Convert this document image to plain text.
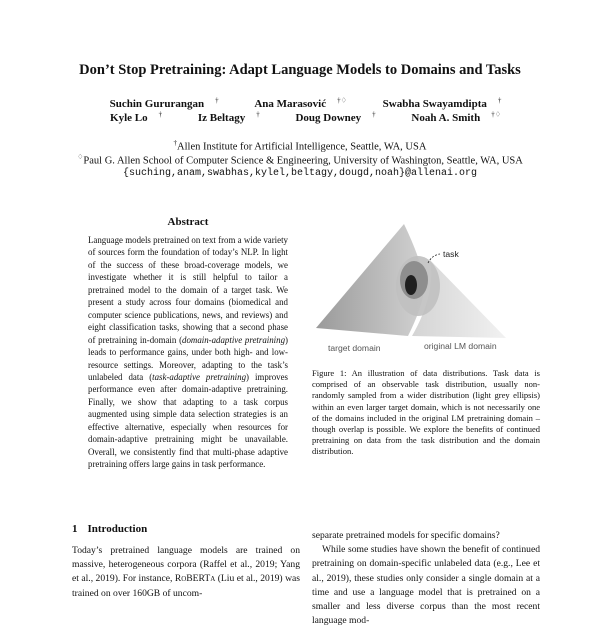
Don’t Stop Pretraining: Adapt Language Models to Domains and Tasks
Suchin Gururangan †	Ana Marasović †♢	Swabha Swayamdipta †
Kyle Lo †	Iz Beltagy †	Doug Downey †	Noah A. Smith †♢
†Allen Institute for Artificial Intelligence, Seattle, WA, USA
♢Paul G. Allen School of Computer Science & Engineering, University of Washington, Seattle, WA, USA
{suching,anam,swabhas,kylel,beltagy,dougd,noah}@allenai.org
Abstract

Language models pretrained on text from a wide variety of sources form the foundation of today’s NLP. In light of the success of these broad-coverage models, we investigate whether it is still helpful to tailor a pretrained model to the domain of a target task. We present a study across four domains (biomedical and computer science publications, news, and reviews) and eight classification tasks, showing that a second phase of pretraining in-domain (domain-adaptive pretraining) leads to performance gains, under both high- and low-resource settings. Moreover, adapting to the task’s unlabeled data (task-adaptive pretraining) improves performance even after domain-adaptive pretraining. Finally, we show that adapting to a task corpus augmented using simple data selection strategies is an effective alternative, especially when resources for domain-adaptive pretraining might be unavailable. Overall, we consistently find that multi-phase adaptive pretraining offers large gains in task performance.

1 Introduction

Today’s pretrained language models are trained on massive, heterogeneous corpora (Raffel et al., 2019; Yang et al., 2019). For instance, RoBERTa (Liu et al., 2019) was trained on over 160GB of uncom-

task
target domain	original LM domain

Figure 1: An illustration of data distributions. Task data is comprised of an observable task distribution, usually non-randomly sampled from a wider distribution (light grey ellipsis) within an even larger target domain, which is not necessarily one of the domains included in the original LM pretraining domain – though overlap is possible. We explore the benefits of continued pretraining on data from the task distribution and the domain distribution.

separate pretrained models for specific domains?
While some studies have shown the benefit of continued pretraining on domain-specific unlabeled data (e.g., Lee et al., 2019), these studies only consider a single domain at a time and use a language model that is pretrained on a smaller and less diverse corpus than the most recent language mod-
